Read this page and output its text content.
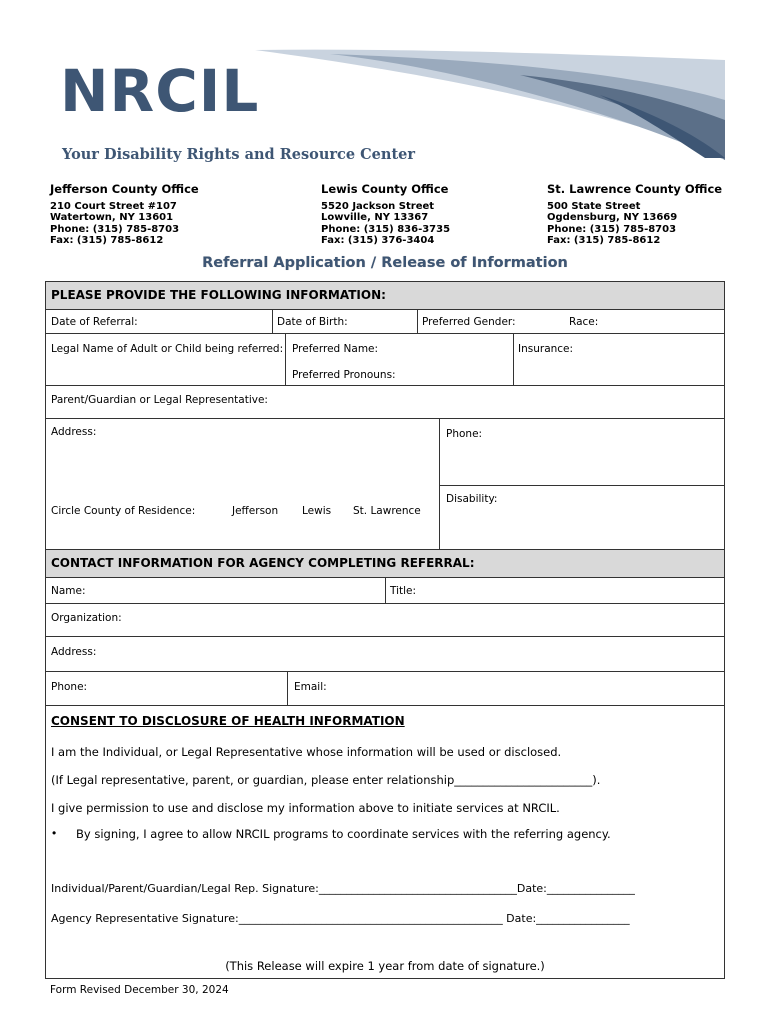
NRCIL
Your Disability Rights and Resource Center
Jefferson County Office
210 Court Street #107
Watertown, NY 13601
Phone: (315) 785-8703
Fax: (315) 785-8612
Lewis County Office
5520 Jackson Street
Lowville, NY 13367
Phone: (315) 836-3735
Fax: (315) 376-3404
St. Lawrence County Office
500 State Street
Ogdensburg, NY 13669
Phone: (315) 785-8703
Fax: (315) 785-8612
Referral Application / Release of Information
PLEASE PROVIDE THE FOLLOWING INFORMATION:
Date of Referral:	Date of Birth:	Preferred Gender:	Race:
Legal Name of Adult or Child being referred: Preferred Name:
Preferred Pronouns:
Insurance:
Parent/Guardian or Legal Representative:
Address:
Circle County of Residence:	Jefferson Lewis St. Lawrence
Phone:
Disability:
CONTACT INFORMATION FOR AGENCY COMPLETING REFERRAL:
Name:	Title:
Organization:
Address:
Phone:	Email:
CONSENT TO DISCLOSURE OF HEALTH INFORMATION
I am the Individual, or Legal Representative whose information will be used or disclosed.
(If Legal representative, parent, or guardian, please enter relationship________________________).
I give permission to use and disclose my information above to initiate services at NRCIL.
• By signing, I agree to allow NRCIL programs to coordinate services with the referring agency.
Individual/Parent/Guardian/Legal Rep. Signature:____________________________________Date:________________
Agency Representative Signature:________________________________________________ Date:_________________
(This Release will expire 1 year from date of signature.)
Form Revised December 30, 2024
